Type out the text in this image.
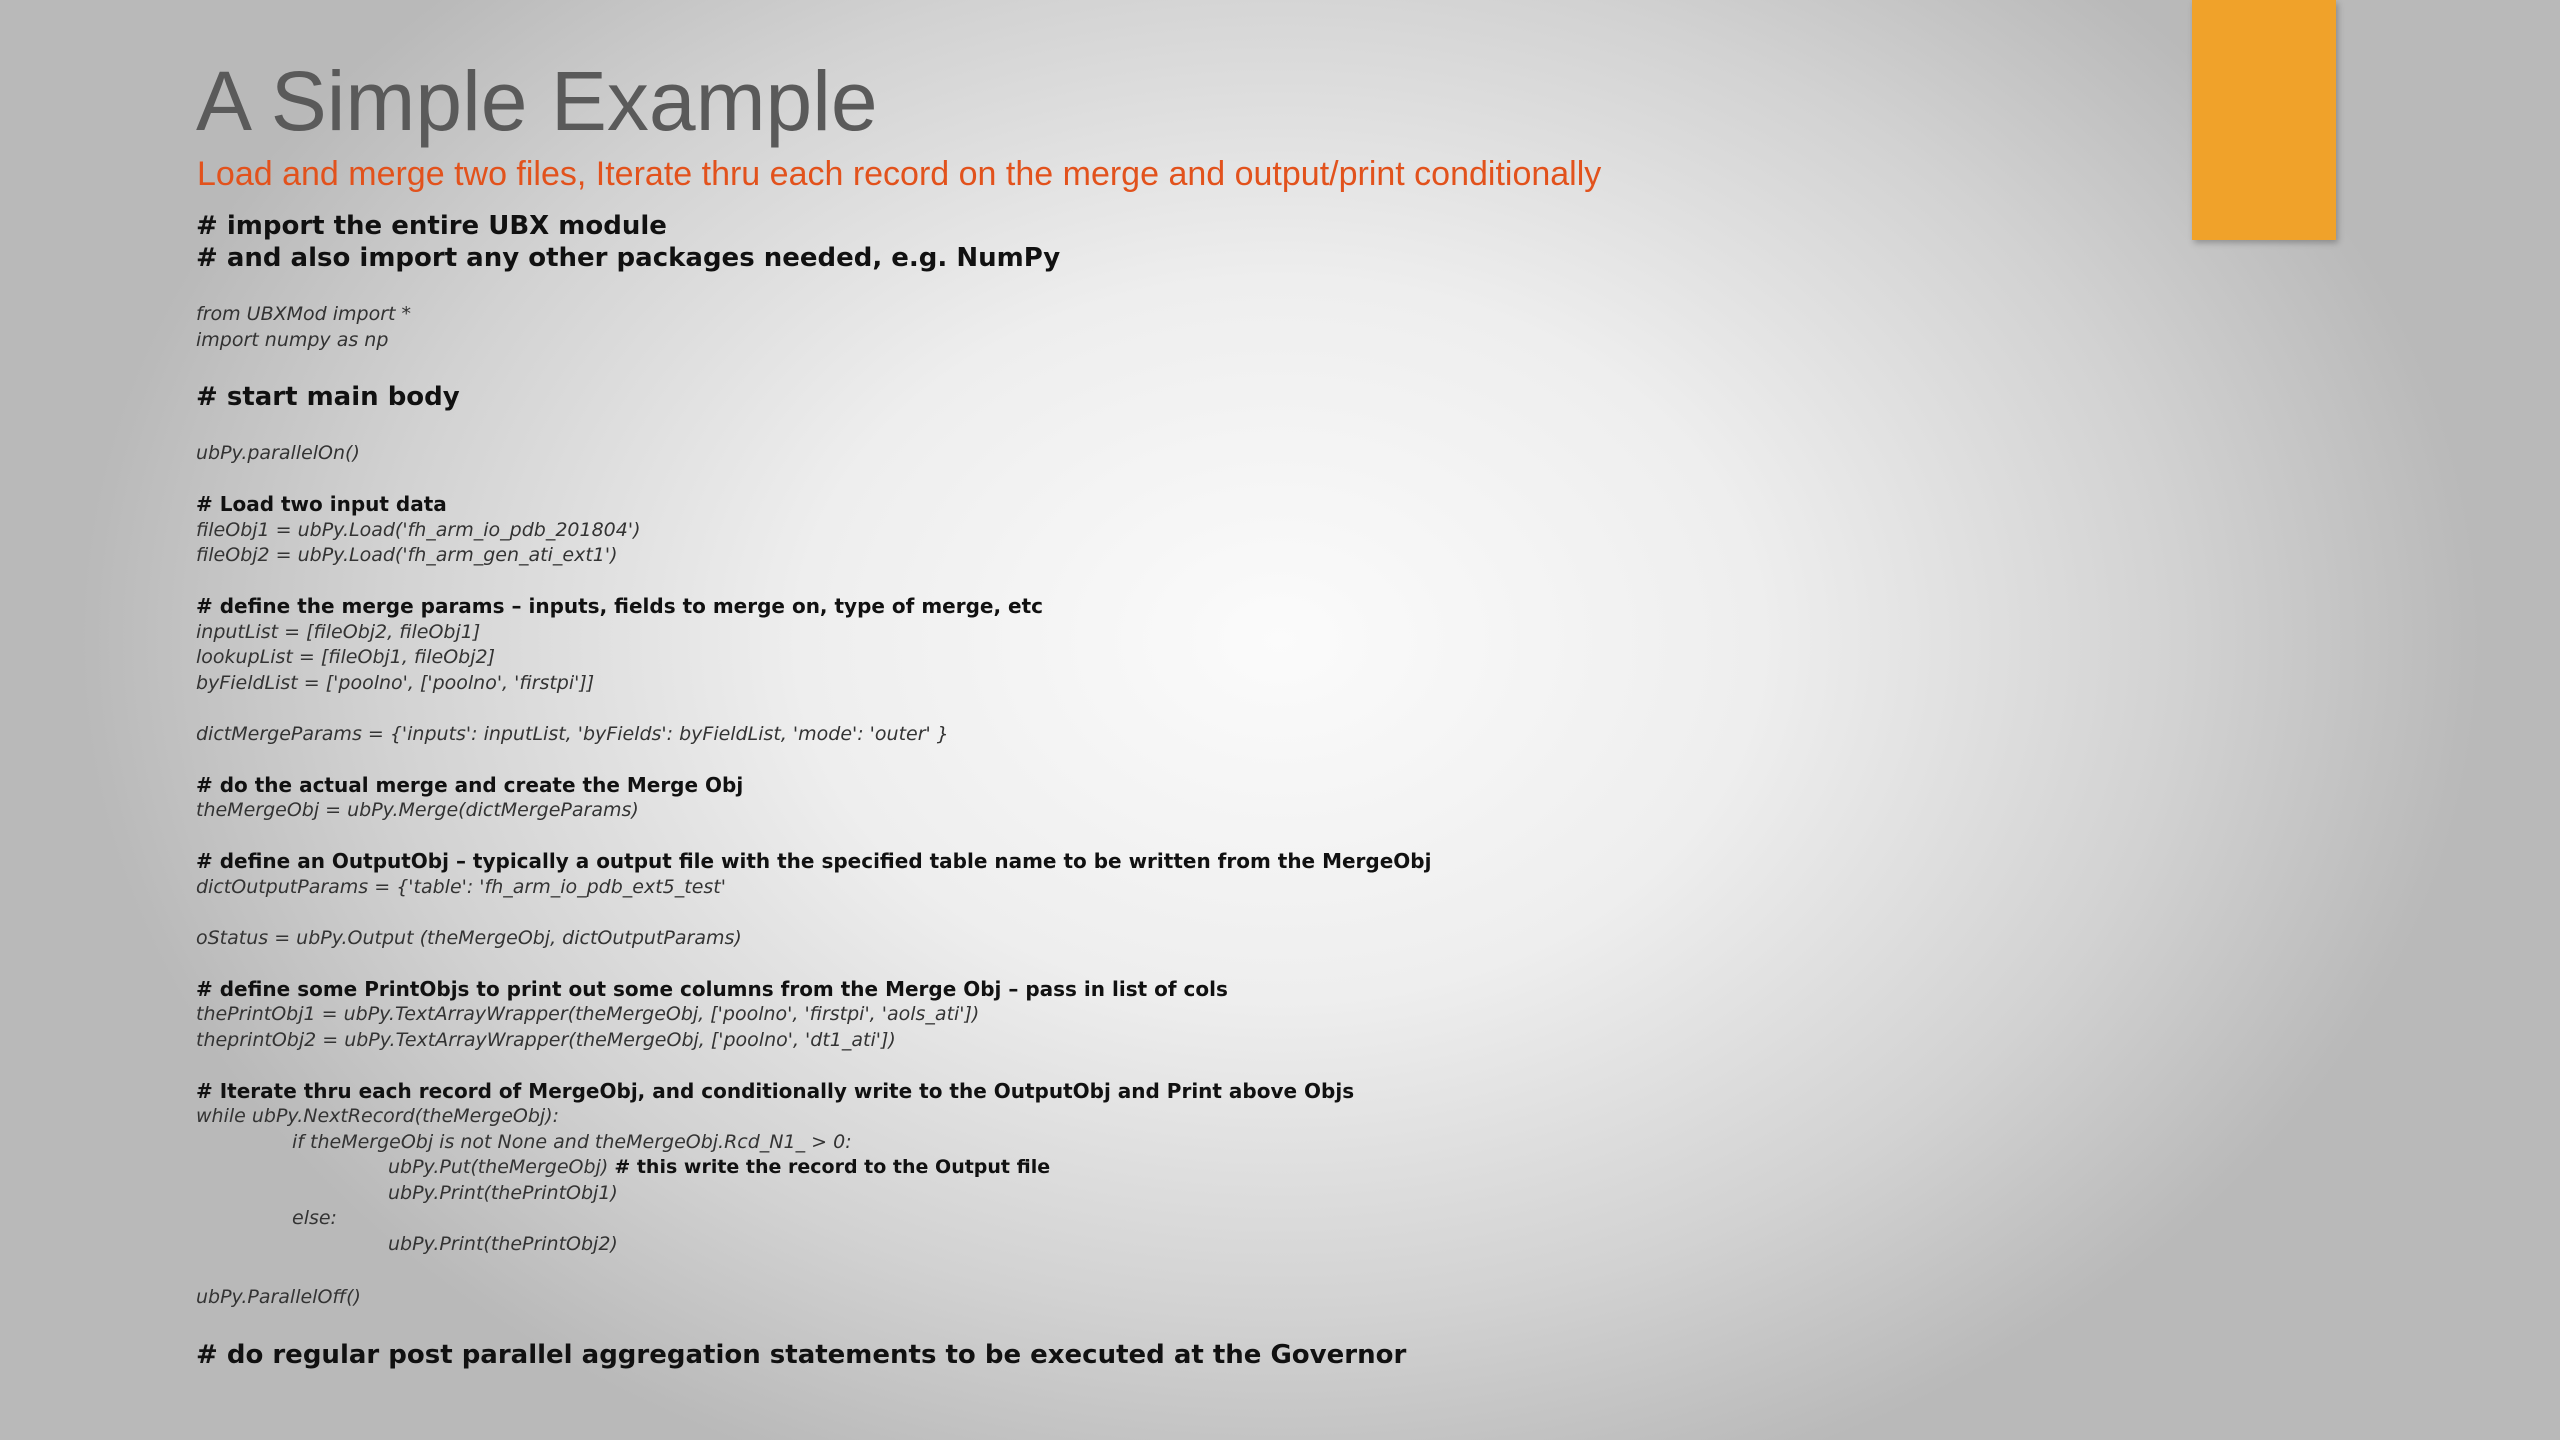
A Simple Example
Load and merge two files, Iterate thru each record on the merge and output/print conditionally
# import the entire UBX module
# and also import any other packages needed, e.g. NumPy
from UBXMod import *
import numpy as np
# start main body
ubPy.parallelOn()
# Load two input data
fileObj1 = ubPy.Load('fh_arm_io_pdb_201804')
fileObj2 = ubPy.Load('fh_arm_gen_ati_ext1')
# define the merge params – inputs, fields to merge on, type of merge, etc
inputList = [fileObj2, fileObj1]
lookupList = [fileObj1, fileObj2]
byFieldList = ['poolno', ['poolno', 'firstpi']]
dictMergeParams = {'inputs': inputList, 'byFields': byFieldList, 'mode': 'outer' }
# do the actual merge and create the Merge Obj
theMergeObj = ubPy.Merge(dictMergeParams)
# define an OutputObj – typically a output file with the specified table name to be written from the MergeObj
dictOutputParams = {'table': 'fh_arm_io_pdb_ext5_test'
oStatus = ubPy.Output (theMergeObj, dictOutputParams)
# define some PrintObjs to print out some columns from the Merge Obj – pass in list of cols
thePrintObj1 = ubPy.TextArrayWrapper(theMergeObj, ['poolno', 'firstpi', 'aols_ati'])
theprintObj2 = ubPy.TextArrayWrapper(theMergeObj, ['poolno', 'dt1_ati'])
# Iterate thru each record of MergeObj, and conditionally write to the OutputObj and Print above Objs
while ubPy.NextRecord(theMergeObj):
if theMergeObj is not None and theMergeObj.Rcd_N1_ > 0:
ubPy.Put(theMergeObj) # this write the record to the Output file
ubPy.Print(thePrintObj1)
else:
ubPy.Print(thePrintObj2)
ubPy.ParallelOff()
# do regular post parallel aggregation statements to be executed at the Governor
